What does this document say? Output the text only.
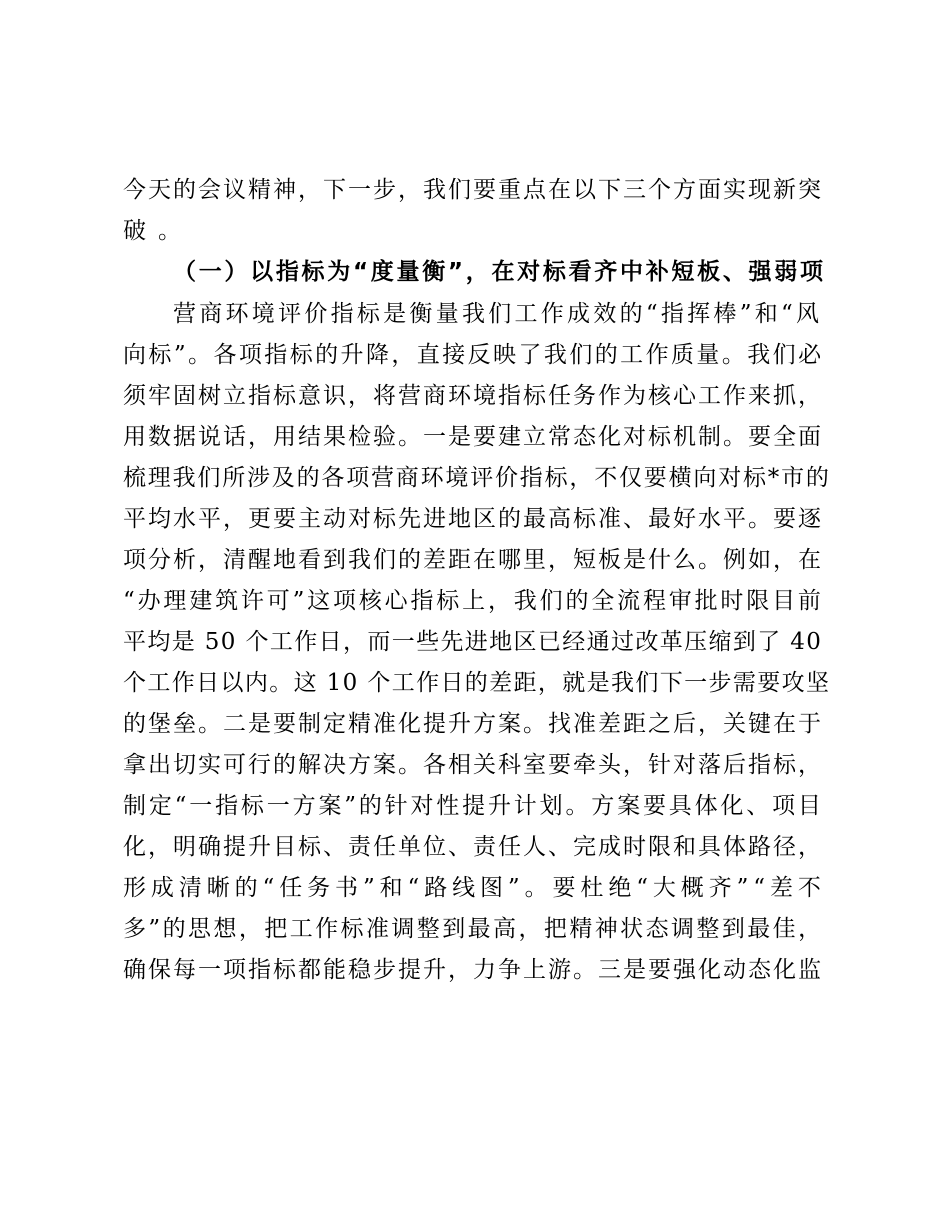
今天的会议精神，下一步，我们要重点在以下三个方面实现新突

破。

（一）以指标为“度量衡”，在对标看齐中补短板、强弱项

营商环境评价指标是衡量我们工作成效的“指挥棒”和“风

向标”。各项指标的升降，直接反映了我们的工作质量。我们必

须牢固树立指标意识，将营商环境指标任务作为核心工作来抓，

用数据说话，用结果检验。一是要建立常态化对标机制。要全面

梳理我们所涉及的各项营商环境评价指标，不仅要横向对标*市的

平均水平，更要主动对标先进地区的最高标准、最好水平。要逐

项分析，清醒地看到我们的差距在哪里，短板是什么。例如，在

“办理建筑许可”这项核心指标上，我们的全流程审批时限目前

平均是 50 个工作日，而一些先进地区已经通过改革压缩到了 40

个工作日以内。这 10 个工作日的差距，就是我们下一步需要攻坚

的堡垒。二是要制定精准化提升方案。找准差距之后，关键在于

拿出切实可行的解决方案。各相关科室要牵头，针对落后指标，

制定“一指标一方案”的针对性提升计划。方案要具体化、项目

化，明确提升目标、责任单位、责任人、完成时限和具体路径，

形成清晰的“任务书”和“路线图”。要杜绝“大概齐”“差不

多”的思想，把工作标准调整到最高，把精神状态调整到最佳，

确保每一项指标都能稳步提升，力争上游。三是要强化动态化监
